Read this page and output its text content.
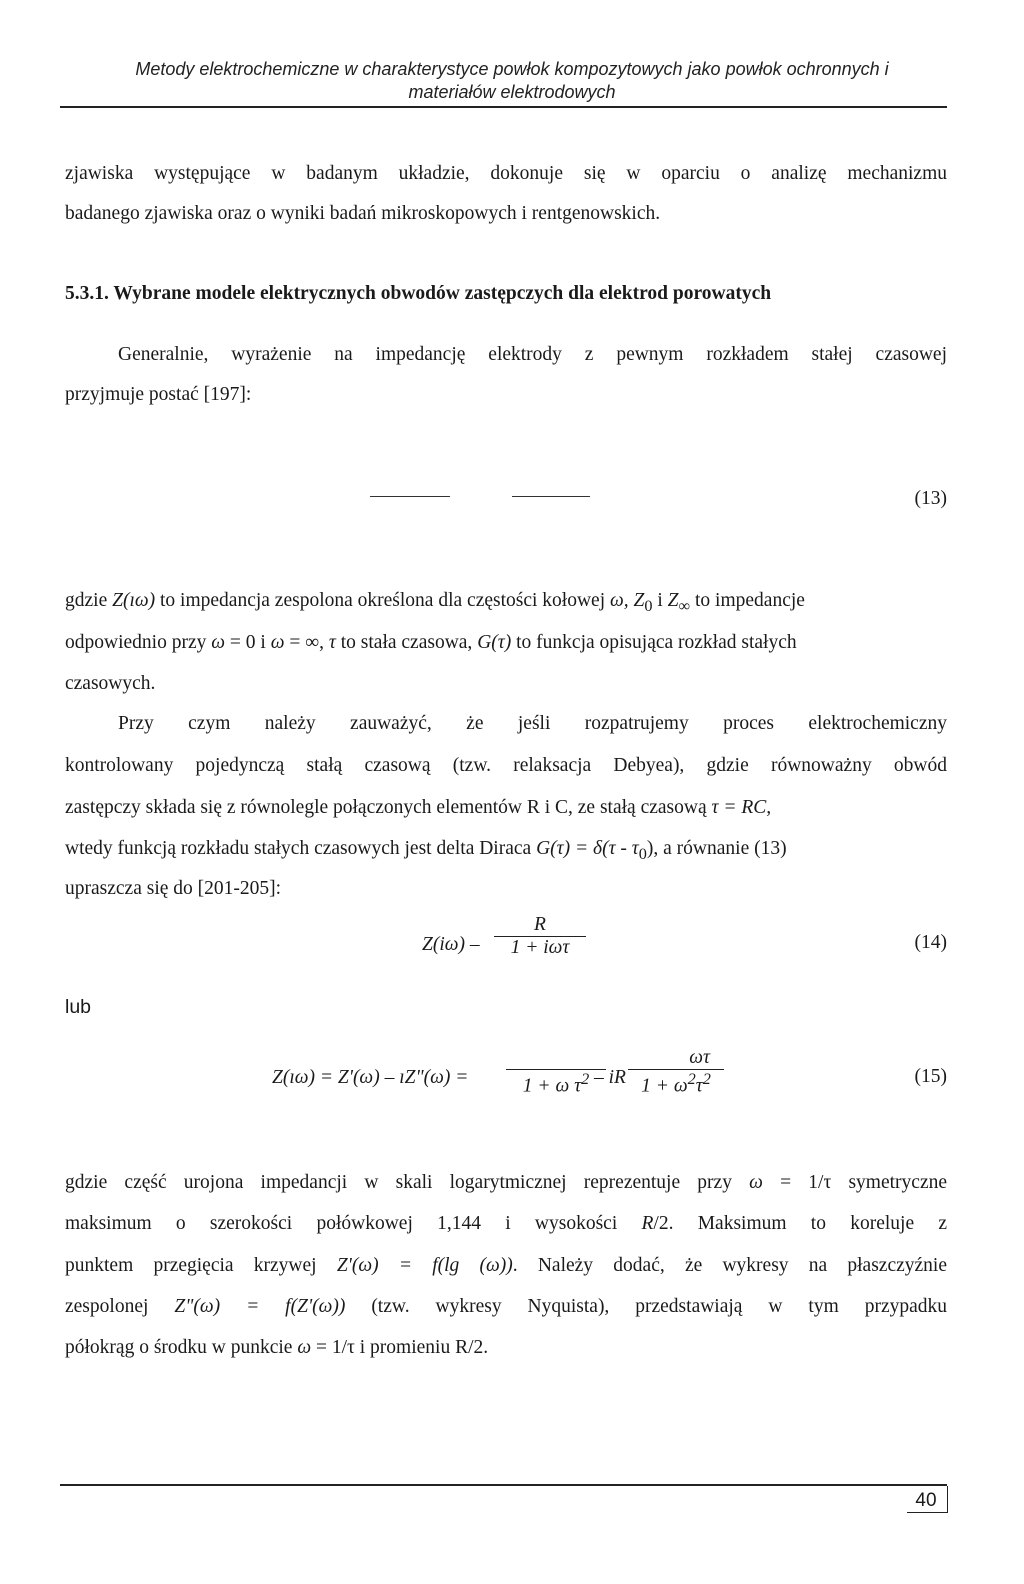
Metody elektrochemiczne w charakterystyce powłok kompozytowych jako powłok ochronnych i
materiałów elektrodowych
zjawiska występujące w badanym układzie, dokonuje się w oparciu o analizę mechanizmu
badanego zjawiska oraz o wyniki badań mikroskopowych i rentgenowskich.
5.3.1. Wybrane modele elektrycznych obwodów zastępczych dla elektrod porowatych
Generalnie, wyrażenie na impedancję elektrody z pewnym rozkładem stałej czasowej
przyjmuje postać [197]:
(13)
gdzie Z(ıω) to impedancja zespolona określona dla częstości kołowej ω, $Z_0$ i $Z_\infty$ to impedancje
odpowiednio przy ω = 0 i ω = ∞, τ to stała czasowa, G(τ) to funkcja opisująca rozkład stałych
czasowych.
Przy czym należy zauważyć, że jeśli rozpatrujemy proces elektrochemiczny
kontrolowany pojedynczą stałą czasową (tzw. relaksacja Debyea), gdzie równoważny obwód
zastępczy składa się z równolegle połączonych elementów R i C, ze stałą czasową τ = RC,
wtedy funkcją rozkładu stałych czasowych jest delta Diraca $G(\tau) = \delta(\tau - \tau_0)$, a równanie (13)
upraszcza się do [201-205]:
Z(iω) –
R
1 + iωτ	(14)
lub
Z(ıω) = Z'(ω) – ıZ"(ω) =	1 + ω $\tau^2$ – iR $\frac{\omega\tau}{1 + \omega^2\tau^2}$	(15)
gdzie część urojona impedancji w skali logarytmicznej reprezentuje przy ω = 1/τ symetryczne
maksimum o szerokości połówkowej 1,144 i wysokości R/2. Maksimum to koreluje z
punktem przegięcia krzywej Z'(ω) = f(lg (ω)). Należy dodać, że wykresy na płaszczyźnie
zespolonej Z"(ω) = f(Z'(ω)) (tzw. wykresy Nyquista), przedstawiają w tym przypadku
półokrąg o środku w punkcie ω = 1/τ i promieniu R/2.
40
